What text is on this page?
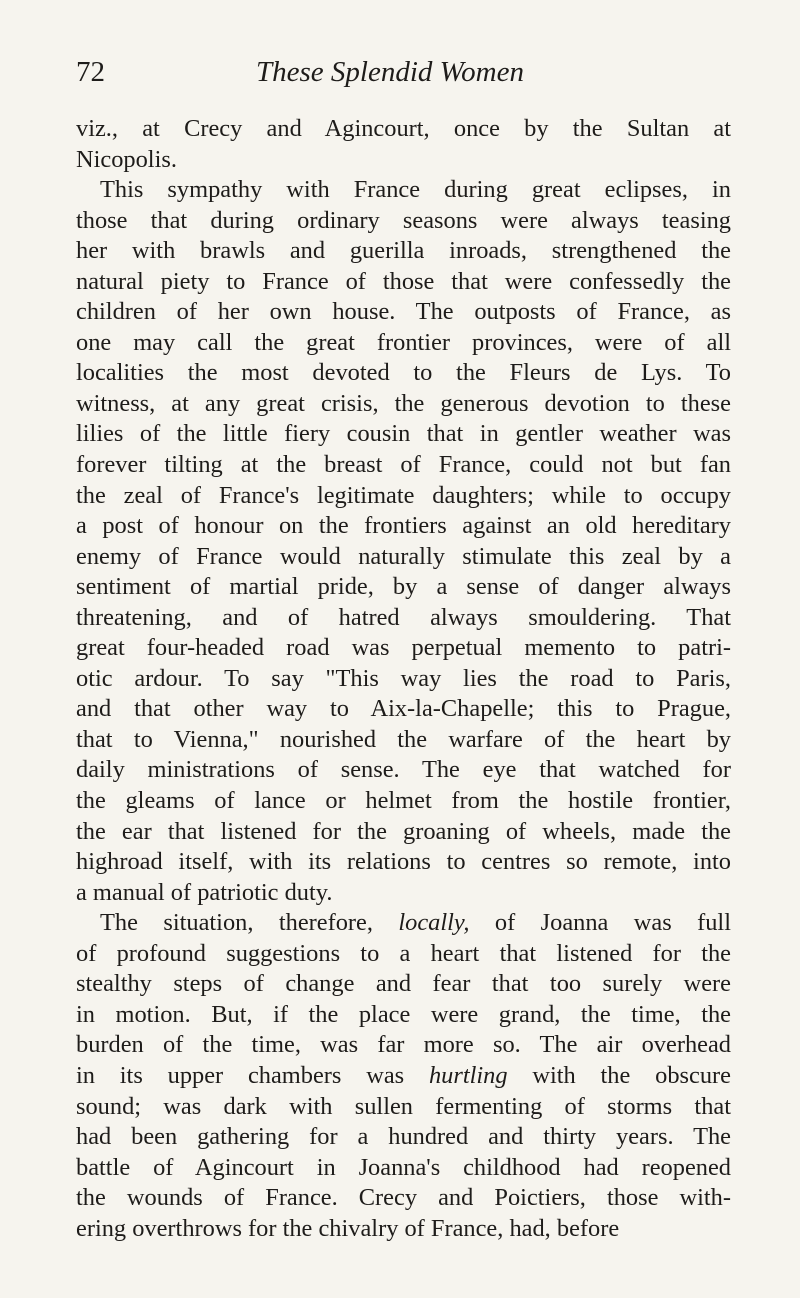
72	These Splendid Women
viz., at Crecy and Agincourt, once by the Sultan at
Nicopolis.
This sympathy with France during great eclipses, in
those that during ordinary seasons were always teasing
her with brawls and guerilla inroads, strengthened the
natural piety to France of those that were confessedly the
children of her own house. The outposts of France, as
one may call the great frontier provinces, were of all
localities the most devoted to the Fleurs de Lys. To
witness, at any great crisis, the generous devotion to these
lilies of the little fiery cousin that in gentler weather was
forever tilting at the breast of France, could not but fan
the zeal of France's legitimate daughters; while to occupy
a post of honour on the frontiers against an old hereditary
enemy of France would naturally stimulate this zeal by a
sentiment of martial pride, by a sense of danger always
threatening, and of hatred always smouldering. That
great four-headed road was perpetual memento to patri-
otic ardour. To say "This way lies the road to Paris,
and that other way to Aix-la-Chapelle; this to Prague,
that to Vienna," nourished the warfare of the heart by
daily ministrations of sense. The eye that watched for
the gleams of lance or helmet from the hostile frontier,
the ear that listened for the groaning of wheels, made the
highroad itself, with its relations to centres so remote, into
a manual of patriotic duty.
The situation, therefore, locally, of Joanna was full
of profound suggestions to a heart that listened for the
stealthy steps of change and fear that too surely were
in motion. But, if the place were grand, the time, the
burden of the time, was far more so. The air overhead
in its upper chambers was hurtling with the obscure
sound; was dark with sullen fermenting of storms that
had been gathering for a hundred and thirty years. The
battle of Agincourt in Joanna's childhood had reopened
the wounds of France. Crecy and Poictiers, those with-
ering overthrows for the chivalry of France, had, before
